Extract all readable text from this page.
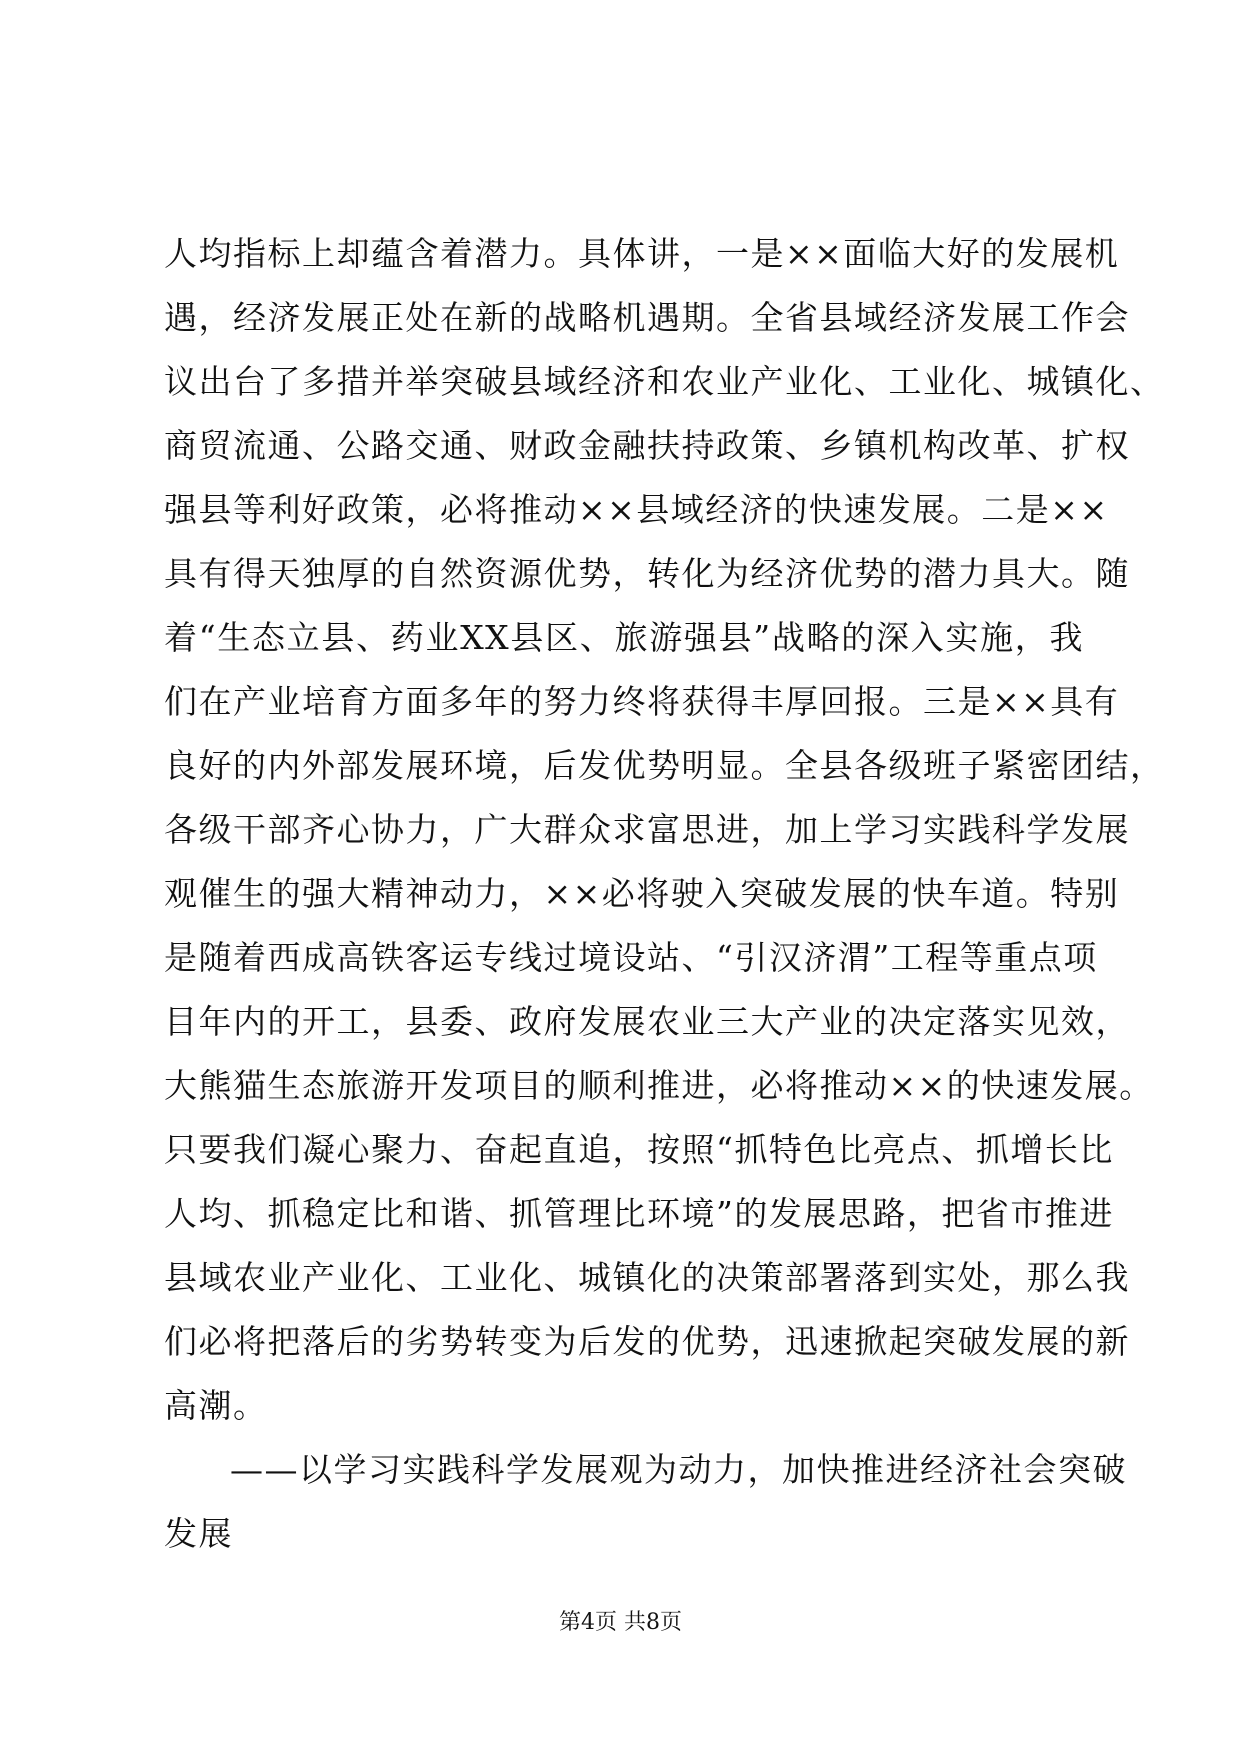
人均指标上却蕴含着潜力。具体讲，一是××面临大好的发展机
遇，经济发展正处在新的战略机遇期。全省县域经济发展工作会
议出台了多措并举突破县域经济和农业产业化、工业化、城镇化、
商贸流通、公路交通、财政金融扶持政策、乡镇机构改革、扩权
强县等利好政策，必将推动××县域经济的快速发展。二是××
具有得天独厚的自然资源优势，转化为经济优势的潜力具大。随
着“生态立县、药业XX县区、旅游强县”战略的深入实施，我
们在产业培育方面多年的努力终将获得丰厚回报。三是××具有
良好的内外部发展环境，后发优势明显。全县各级班子紧密团结，
各级干部齐心协力，广大群众求富思进，加上学习实践科学发展
观催生的强大精神动力，××必将驶入突破发展的快车道。特别
是随着西成高铁客运专线过境设站、“引汉济渭”工程等重点项
目年内的开工，县委、政府发展农业三大产业的决定落实见效，
大熊猫生态旅游开发项目的顺利推进，必将推动××的快速发展。
只要我们凝心聚力、奋起直追，按照“抓特色比亮点、抓增长比
人均、抓稳定比和谐、抓管理比环境”的发展思路，把省市推进
县域农业产业化、工业化、城镇化的决策部署落到实处，那么我
们必将把落后的劣势转变为后发的优势，迅速掀起突破发展的新
高潮。
——以学习实践科学发展观为动力，加快推进经济社会突破
发展
第4页 共8页
